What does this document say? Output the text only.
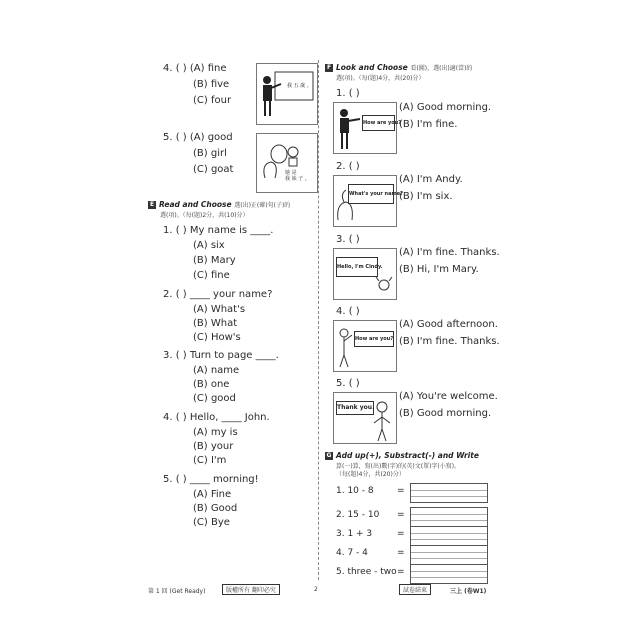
4. ( ) (A) fine
(B) five
(C) four
我 五 歲 。
5. ( ) (A) good
(B) girl
(C) goat	她 是
我 妹 子 。
E Read and Choose 選(出)正(確)句(子)的
選(項)。（每(題)2分，共(10)分）
1. ( ) My name is ____.
(A) six
(B) Mary
(C) fine
2. ( ) ____ your name?
(A) What's
(B) What
(C) How's
3. ( ) Turn to page ____.
(A) name
(B) one
(C) good
4. ( ) Hello, ____ John.
(A) my is
(B) your
(C) I'm
5. ( ) ____ morning!
(A) Fine
(B) Good
(C) Bye
F Look and Choose 看(圖)，選(出)適(當)的
選(項)。（每(題)4分，共(20)分）
1. ( )
How are you?
(A) Good morning.
(B) I'm fine.
2. ( )
What's your name?
(A) I'm Andy.
(B) I'm six.
3. ( )
Hello, I'm Cindy.
(A) I'm fine. Thanks.
(B) Hi, I'm Mary.
4. ( )
How are you?
(A) Good afternoon.
(B) I'm fine. Thanks.
5. ( )
Thank you.
(A) You're welcome.
(B) Good morning.
G Add up(+), Substract(-) and Write
算(一)算，寫(出)數(字)的(英)文(單)字(小寫)。
（每(題)4分，共(20)分）
1. 10 - 8	=
2. 15 - 10 =
3. 1 + 3	=
4. 7 - 4	=
5. three - two =
第 1 回 (Get Ready)	版權所有 翻印必究	2	試卷結束	三上 (卷W1)
